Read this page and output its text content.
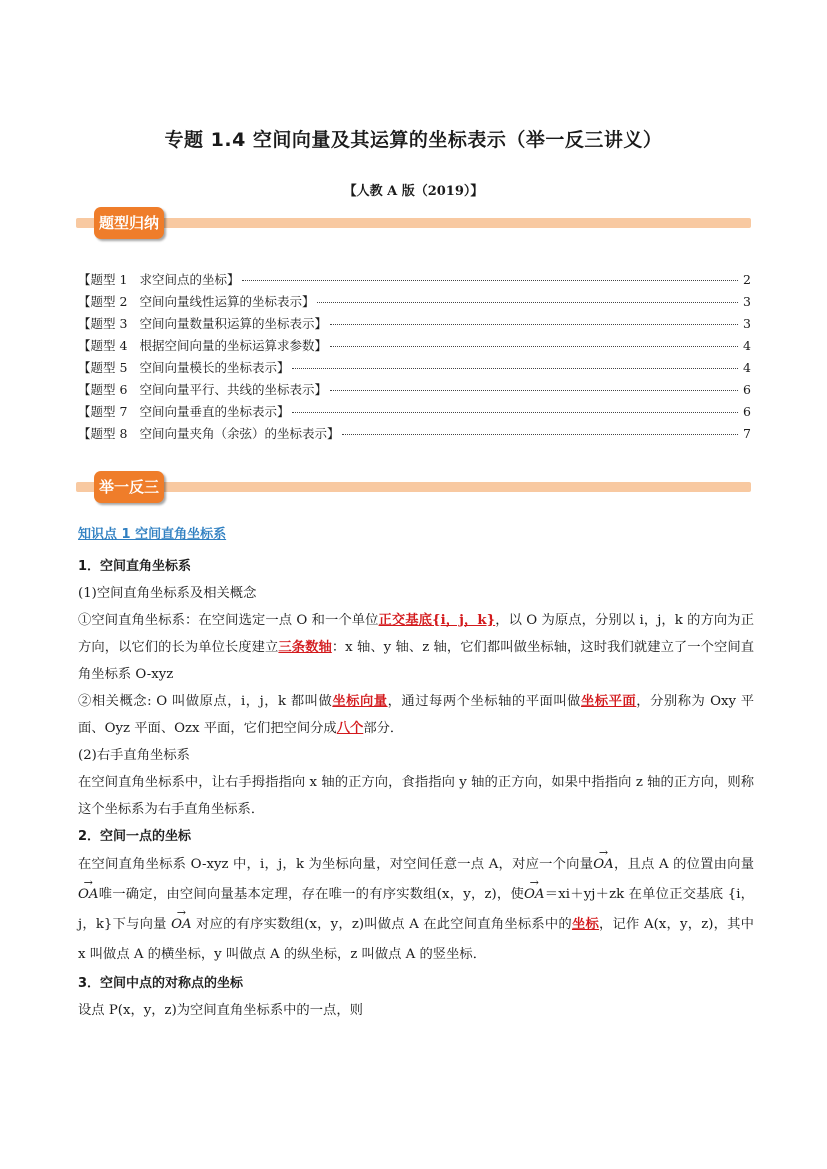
专题 1.4 空间向量及其运算的坐标表示（举一反三讲义）
【人教 A 版（2019）】
题型归纳
【题型 1 求空间点的坐标】	2
【题型 2 空间向量线性运算的坐标表示】	3
【题型 3 空间向量数量积运算的坐标表示】	3
【题型 4 根据空间向量的坐标运算求参数】	4
【题型 5 空间向量模长的坐标表示】	4
【题型 6 空间向量平行、共线的坐标表示】	6
【题型 7 空间向量垂直的坐标表示】	6
【题型 8 空间向量夹角（余弦）的坐标表示】	7
举一反三
知识点 1 空间直角坐标系
1．空间直角坐标系
(1)空间直角坐标系及相关概念
①空间直角坐标系：在空间选定一点 O 和一个单位正交基底{i，j，k}，以 O 为原点，分别以 i，j，k 的方向为正方向，以它们的长为单位长度建立三条数轴：x 轴、y 轴、z 轴，它们都叫做坐标轴，这时我们就建立了一个空间直角坐标系 O-xyz
②相关概念: O 叫做原点，i，j，k 都叫做坐标向量，通过每两个坐标轴的平面叫做坐标平面，分别称为 Oxy 平面、Oyz 平面、Ozx 平面，它们把空间分成八个部分．
(2)右手直角坐标系
在空间直角坐标系中，让右手拇指指向 x 轴的正方向，食指指向 y 轴的正方向，如果中指指向 z 轴的正方向，则称这个坐标系为右手直角坐标系．
2．空间一点的坐标
在空间直角坐标系 O-xyz 中，i，j，k 为坐标向量，对空间任意一点 A，对应一个向量→ OA，且点 A 的位置由向量→ OA唯一确定，由空间向量基本定理，存在唯一的有序实数组(x，y，z)，使→ OA＝xi＋yj＋zk 在单位正交基底 {i，j，k}下与向量 → OA 对应的有序实数组(x，y，z)叫做点 A 在此空间直角坐标系中的坐标，记作 A(x，y，z)，其中 x 叫做点 A 的横坐标，y 叫做点 A 的纵坐标，z 叫做点 A 的竖坐标．
3．空间中点的对称点的坐标
设点 P(x，y，z)为空间直角坐标系中的一点，则
